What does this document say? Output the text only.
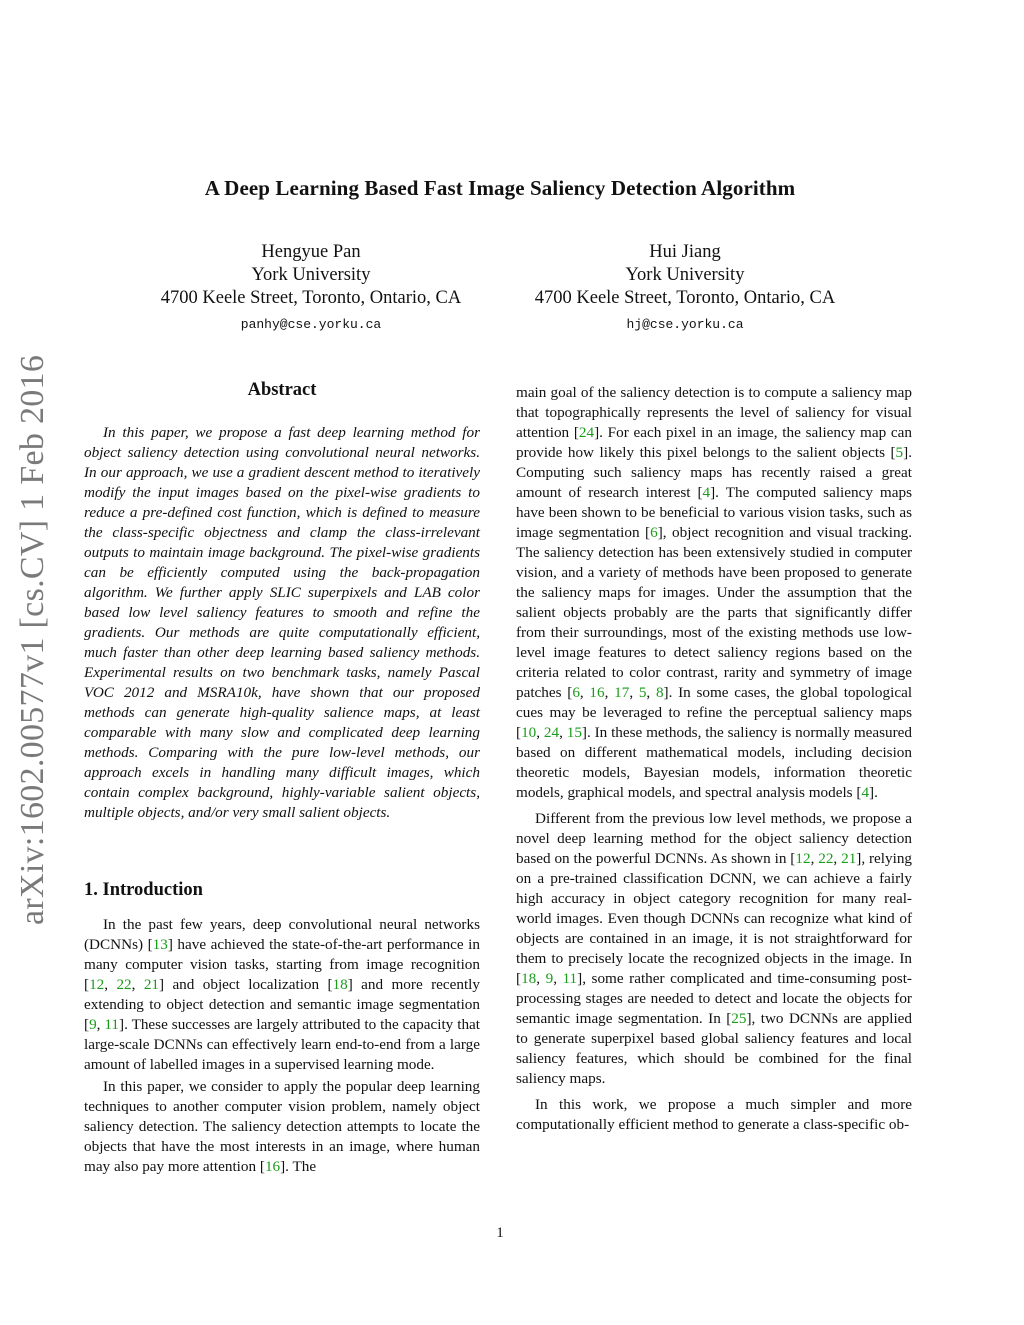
arXiv:1602.00577v1 [cs.CV] 1 Feb 2016
A Deep Learning Based Fast Image Saliency Detection Algorithm
Hengyue Pan
York University
4700 Keele Street, Toronto, Ontario, CA
panhy@cse.yorku.ca
Hui Jiang
York University
4700 Keele Street, Toronto, Ontario, CA
hj@cse.yorku.ca
Abstract

In this paper, we propose a fast deep learning method for object saliency detection using convolutional neural networks. In our approach, we use a gradient descent method to iteratively modify the input images based on the pixel-wise gradients to reduce a pre-defined cost function, which is defined to measure the class-specific objectness and clamp the class-irrelevant outputs to maintain image background. The pixel-wise gradients can be efficiently computed using the back-propagation algorithm. We further apply SLIC superpixels and LAB color based low level saliency features to smooth and refine the gradients. Our methods are quite computationally efficient, much faster than other deep learning based saliency methods. Experimental results on two benchmark tasks, namely Pascal VOC 2012 and MSRA10k, have shown that our proposed methods can generate high-quality salience maps, at least comparable with many slow and complicated deep learning methods. Comparing with the pure low-level methods, our approach excels in handling many difficult images, which contain complex background, highly-variable salient objects, multiple objects, and/or very small salient objects.

1. Introduction

In the past few years, deep convolutional neural networks (DCNNs) [13] have achieved the state-of-the-art performance in many computer vision tasks, starting from image recognition [12, 22, 21] and object localization [18] and more recently extending to object detection and semantic image segmentation [9, 11]. These successes are largely attributed to the capacity that large-scale DCNNs can effectively learn end-to-end from a large amount of labelled images in a supervised learning mode.

In this paper, we consider to apply the popular deep learning techniques to another computer vision problem, namely object saliency detection. The saliency detection attempts to locate the objects that have the most interests in an image, where human may also pay more attention [16]. The

main goal of the saliency detection is to compute a saliency map that topographically represents the level of saliency for visual attention [24]. For each pixel in an image, the saliency map can provide how likely this pixel belongs to the salient objects [5]. Computing such saliency maps has recently raised a great amount of research interest [4]. The computed saliency maps have been shown to be beneficial to various vision tasks, such as image segmentation [6], object recognition and visual tracking. The saliency detection has been extensively studied in computer vision, and a variety of methods have been proposed to generate the saliency maps for images. Under the assumption that the salient objects probably are the parts that significantly differ from their surroundings, most of the existing methods use low-level image features to detect saliency regions based on the criteria related to color contrast, rarity and symmetry of image patches [6, 16, 17, 5, 8]. In some cases, the global topological cues may be leveraged to refine the perceptual saliency maps [10, 24, 15]. In these methods, the saliency is normally measured based on different mathematical models, including decision theoretic models, Bayesian models, information theoretic models, graphical models, and spectral analysis models [4].

Different from the previous low level methods, we propose a novel deep learning method for the object saliency detection based on the powerful DCNNs. As shown in [12, 22, 21], relying on a pre-trained classification DCNN, we can achieve a fairly high accuracy in object category recognition for many real-world images. Even though DCNNs can recognize what kind of objects are contained in an image, it is not straightforward for them to precisely locate the recognized objects in the image. In [18, 9, 11], some rather complicated and time-consuming post-processing stages are needed to detect and locate the objects for semantic image segmentation. In [25], two DCNNs are applied to generate superpixel based global saliency features and local saliency features, which should be combined for the final saliency maps.

In this work, we propose a much simpler and more computationally efficient method to generate a class-specific ob-

1
